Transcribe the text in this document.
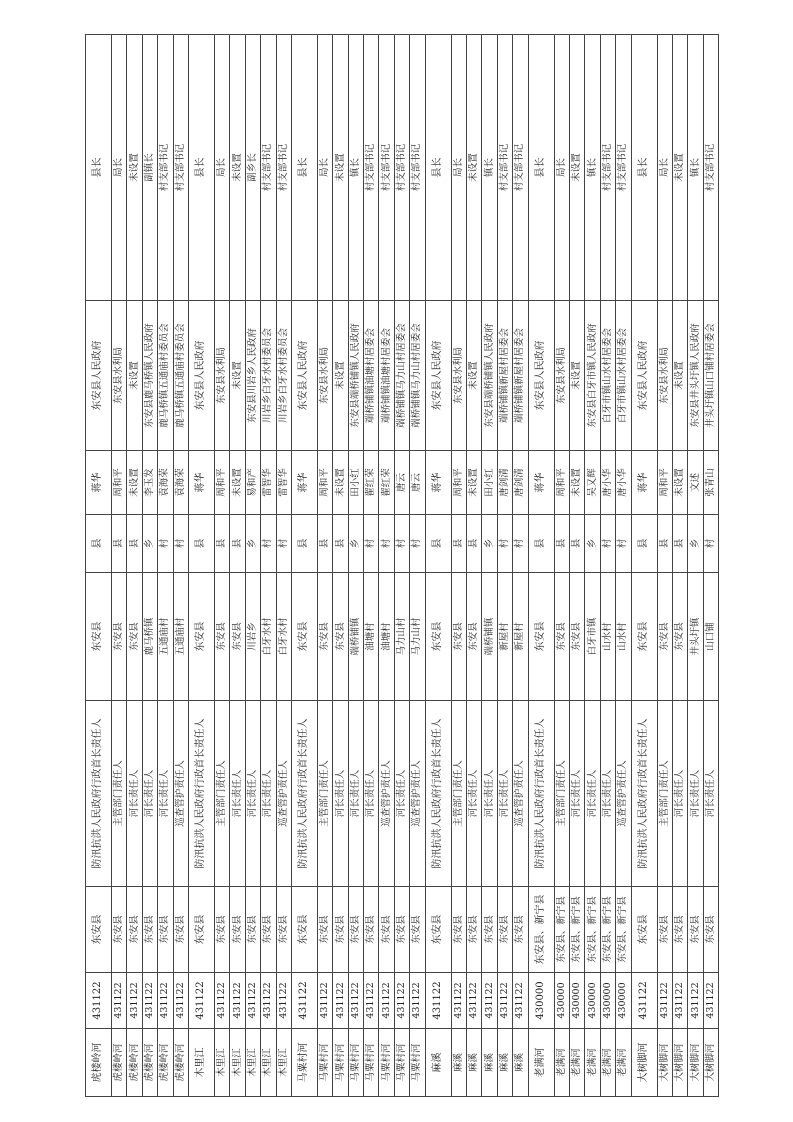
虎楼岭河	431122	东安县	防汛抗洪人民政府行政首长责任人	东安县	县	蒋华	东安县人民政府	县长
虎楼岭河	431122	东安县	主管部门责任人	东安县	县	周和平	东安县水利局	局长
虎楼岭河	431122	东安县	河长责任人	东安县	县	未设置	未设置	未设置
虎楼岭河	431122	东安县	河长责任人	鹿马桥镇	乡	李玉发	东安县鹿马桥镇人民政府	副镇长
虎楼岭河	431122	东安县	河长责任人	五通庙村	村	袁海荣	鹿马桥镇五通庙村委员会	村支部书记
虎楼岭河	431122	东安县	巡查管护责任人	五通庙村	村	袁海荣	鹿马桥镇五通庙村委员会	村支部书记
木里江	431122	东安县	防汛抗洪人民政府行政首长责任人	东安县	县	蒋华	东安县人民政府	县长
木里江	431122	东安县	主管部门责任人	东安县	县	周和平	东安县水利局	局长
木里江	431122	东安县	河长责任人	东安县	县	未设置	未设置	未设置
木里江	431122	东安县	河长责任人	川岩乡	乡	易和产	东安县川岩乡人民政府	副乡长
木里江	431122	东安县	河长责任人	白牙水村	村	雷智华	川岩乡白牙水村委员会	村支部书记
木里江	431122	东安县	巡查管护责任人	白牙水村	村	雷智华	川岩乡白牙水村委员会	村支部书记
马粟村河	431122	东安县	防汛抗洪人民政府行政首长责任人	东安县	县	蒋华	东安县人民政府	县长
马粟村河	431122	东安县	主管部门责任人	东安县	县	周和平	东安县水利局	局长
马粟村河	431122	东安县	河长责任人	东安县	县	未设置	未设置	未设置
马粟村河	431122	东安县	河长责任人	端桥铺镇	乡	田小红	东安县端桥铺镇人民政府	镇长
马粟村河	431122	东安县	河长责任人	油塘村	村	翟红荣	端桥铺镇油塘村居委会	村支部书记
马粟村河	431122	东安县	巡查管护责任人	油塘村	村	翟红荣	端桥铺镇油塘村居委会	村支部书记
马粟村河	431122	东安县	河长责任人	马力山村	村	唐云	端桥铺镇马力山村居委会	村支部书记
马粟村河	431122	东安县	巡查管护责任人	马力山村	村	唐云	端桥铺镇马力山村居委会	村支部书记
麻溪	431122	东安县	防汛抗洪人民政府行政首长责任人	东安县	县	蒋华	东安县人民政府	县长
麻溪	431122	东安县	主管部门责任人	东安县	县	周和平	东安县水利局	局长
麻溪	431122	东安县	河长责任人	东安县	县	未设置	未设置	未设置
麻溪	431122	东安县	河长责任人	端桥铺镇	乡	田小红	东安县端桥铺镇人民政府	镇长
麻溪	431122	东安县	河长责任人	新屋村	村	唐剑清	端桥铺镇新屋村居委会	村支部书记
麻溪	431122	东安县	巡查管护责任人	新屋村	村	唐剑清	端桥铺镇新屋村居委会	村支部书记
老满河	430000	东安县、新宁县	防汛抗洪人民政府行政首长责任人	东安县	县	蒋华	东安县人民政府	县长
老满河	430000	东安县、新宁县	主管部门责任人	东安县	县	周和平	东安县水利局	局长
老满河	430000	东安县、新宁县	河长责任人	东安县	县	未设置	未设置	未设置
老满河	430000	东安县、新宁县	河长责任人	白牙市镇	乡	吴又辉	东安县白牙市镇人民政府	镇长
老满河	430000	东安县、新宁县	河长责任人	山水村	村	唐小华	白牙市镇山水村居委会	村支部书记
老满河	430000	东安县、新宁县	巡查管护责任人	山水村	村	唐小华	白牙市镇山水村居委会	村支部书记
大树脚河	431122	东安县	防汛抗洪人民政府行政首长责任人	东安县	县	蒋华	东安县人民政府	县长
大树脚河	431122	东安县	主管部门责任人	东安县	县	周和平	东安县水利局	局长
大树脚河	431122	东安县	河长责任人	东安县	县	未设置	未设置	未设置
大树脚河	431122	东安县	河长责任人	井头圩镇	乡	文述	东安县井头圩镇人民政府	镇长
大树脚河	431122	东安县	河长责任人	山口铺	村	张青山	井头圩镇山口铺村居委会	村支部书记
